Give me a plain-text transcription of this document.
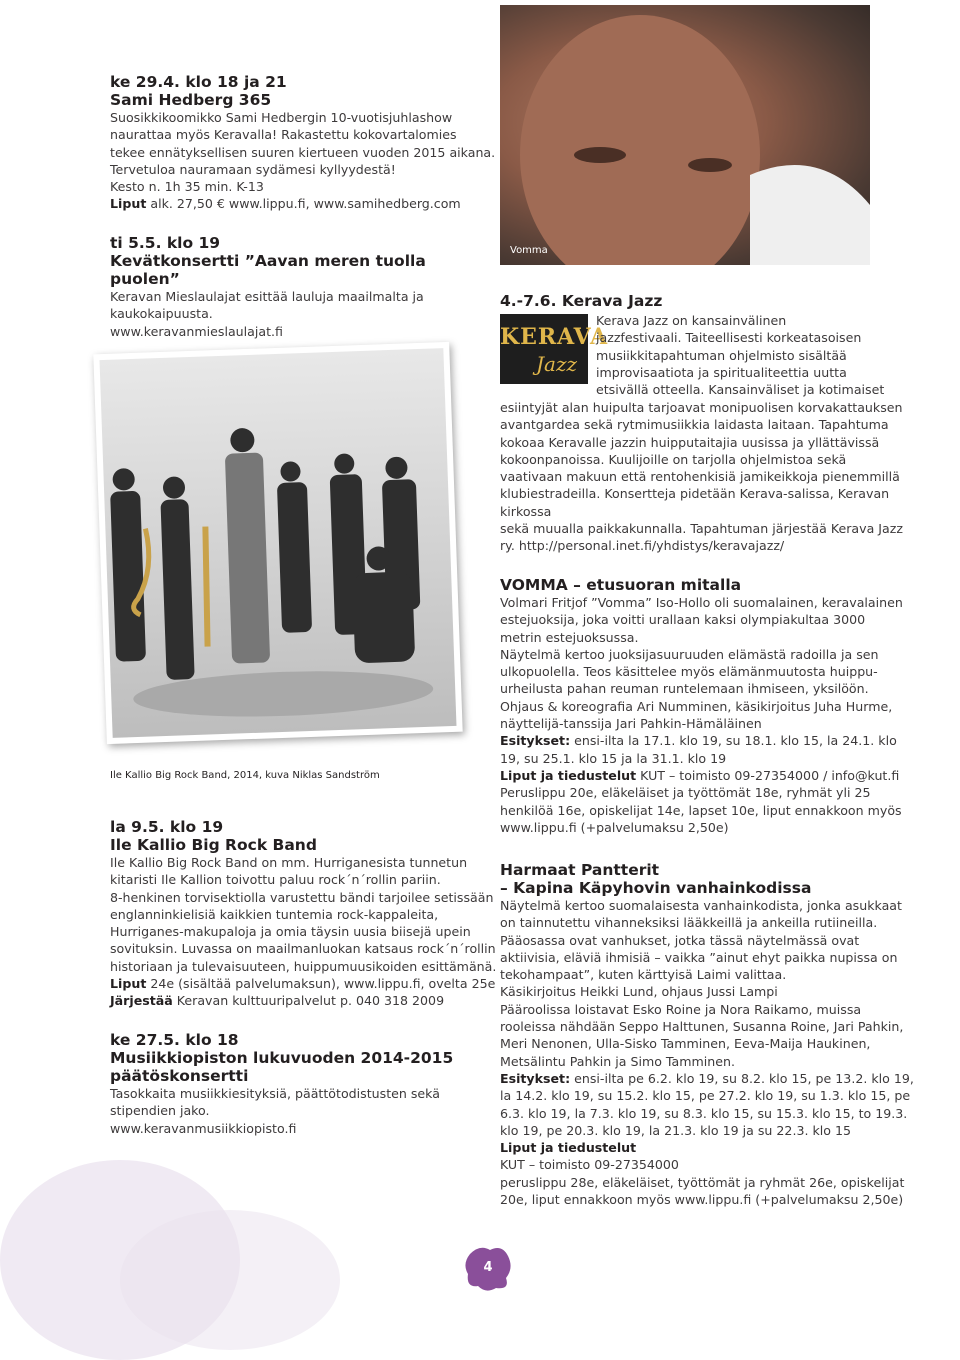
ke 29.4. klo 18 ja 21
Sami Hedberg 365
Suosikkikoomikko Sami Hedbergin 10-vuotisjuhlashow
naurattaa myös Keravalla! Rakastettu kokovartalomies
tekee ennätyksellisen suuren kiertueen vuoden 2015 aikana.
Tervetuloa nauramaan sydämesi kyllyydestä!
Kesto n. 1h 35 min. K-13
Liput alk. 27,50 € www.lippu.fi, www.samihedberg.com
ti 5.5. klo 19
Kevätkonsertti ”Aavan meren tuolla puolen”
Keravan Mieslaulajat esittää lauluja maailmalta ja
kaukokaipuusta.
www.keravanmieslaulajat.fi
Ile Kallio Big Rock Band, 2014, kuva Niklas Sandström
la 9.5. klo 19
Ile Kallio Big Rock Band
Ile Kallio Big Rock Band on mm. Hurriganesista tunnetun
kitaristi Ile Kallion toivottu paluu rock´n´rollin pariin.
8-henkinen torvisektiolla varustettu bändi tarjoilee setissään
englanninkielisiä kaikkien tuntemia rock-kappaleita,
Hurriganes-makupaloja ja omia täysin uusia biisejä upein
sovituksin. Luvassa on maailmanluokan katsaus rock´n´rollin
historiaan ja tulevaisuuteen, huippumuusikoiden esittämänä.
Liput 24e (sisältää palvelumaksun), www.lippu.fi, ovelta 25e
Järjestää Keravan kulttuuripalvelut p. 040 318 2009
ke 27.5. klo 18
Musiikkiopiston lukuvuoden 2014-2015
päätöskonsertti
Tasokkaita musiikkiesityksiä, päättötodistusten sekä
stipendien jako.
www.keravanmusiikkiopisto.fi
Vomma
4.-7.6. Kerava Jazz
KERAVA
Jazz
Kerava Jazz on kansainvälinen
jazzfestivaali. Taiteellisesti korkeatasoisen
musiikkitapahtuman ohjelmisto sisältää
improvisaatiota ja spiritualiteettia uutta
etsivällä otteella. Kansainväliset ja kotimaiset
esiintyjät alan huipulta tarjoavat monipuolisen korvakattauksen
avantgardea sekä rytmimusiikkia laidasta laitaan. Tapahtuma
kokoaa Keravalle jazzin huipputaitajia uusissa ja yllättävissä
kokoonpanoissa. Kuulijoille on tarjolla ohjelmistoa sekä
vaativaan makuun että rentohenkisiä jamikeikkoja pienemmillä
klubiestradeilla. Konsertteja pidetään Kerava-salissa, Keravan
kirkossa
sekä muualla paikkakunnalla. Tapahtuman järjestää Kerava Jazz
ry. http://personal.inet.fi/yhdistys/keravajazz/
VOMMA – etusuoran mitalla
Volmari Fritjof ”Vomma” Iso-Hollo oli suomalainen, keravalainen
estejuoksija, joka voitti urallaan kaksi olympiakultaa 3000
metrin estejuoksussa.
Näytelmä kertoo juoksijasuuruuden elämästä radoilla ja sen
ulkopuolella. Teos käsittelee myös elämänmuutosta huippu-
urheilusta pahan reuman runtelemaan ihmiseen, yksilöön.
Ohjaus & koreografia Ari Numminen, käsikirjoitus Juha Hurme,
näyttelijä-tanssija Jari Pahkin-Hämäläinen
Esitykset: ensi-ilta la 17.1. klo 19, su 18.1. klo 15, la 24.1. klo
19, su 25.1. klo 15 ja la 31.1. klo 19
Liput ja tiedustelut KUT – toimisto 09-27354000 / info@kut.fi
Peruslippu 20e, eläkeläiset ja työttömät 18e, ryhmät yli 25
henkilöä 16e, opiskelijat 14e, lapset 10e, liput ennakkoon myös
www.lippu.fi (+palvelumaksu 2,50e)
Harmaat Pantterit
– Kapina Käpyhovin vanhainkodissa
Näytelmä kertoo suomalaisesta vanhainkodista, jonka asukkaat
on tainnutettu vihanneksiksi lääkkeillä ja ankeilla rutiineilla.
Pääosassa ovat vanhukset, jotka tässä näytelmässä ovat
aktiivisia, eläviä ihmisiä – vaikka ”ainut ehyt paikka nupissa on
tekohampaat”, kuten kärttyisä Laimi valittaa.
Käsikirjoitus Heikki Lund, ohjaus Jussi Lampi
Pääroolissa loistavat Esko Roine ja Nora Raikamo, muissa
rooleissa nähdään Seppo Halttunen, Susanna Roine, Jari Pahkin,
Meri Nenonen, Ulla-Sisko Tamminen, Eeva-Maija Haukinen,
Metsälintu Pahkin ja Simo Tamminen.
Esitykset: ensi-ilta pe 6.2. klo 19, su 8.2. klo 15, pe 13.2. klo 19,
la 14.2. klo 19, su 15.2. klo 15, pe 27.2. klo 19, su 1.3. klo 15, pe
6.3. klo 19, la 7.3. klo 19, su 8.3. klo 15, su 15.3. klo 15, to 19.3.
klo 19, pe 20.3. klo 19, la 21.3. klo 19 ja su 22.3. klo 15
Liput ja tiedustelut
KUT – toimisto 09-27354000
peruslippu 28e, eläkeläiset, työttömät ja ryhmät 26e, opiskelijat
20e, liput ennakkoon myös www.lippu.fi (+palvelumaksu 2,50e)
4
